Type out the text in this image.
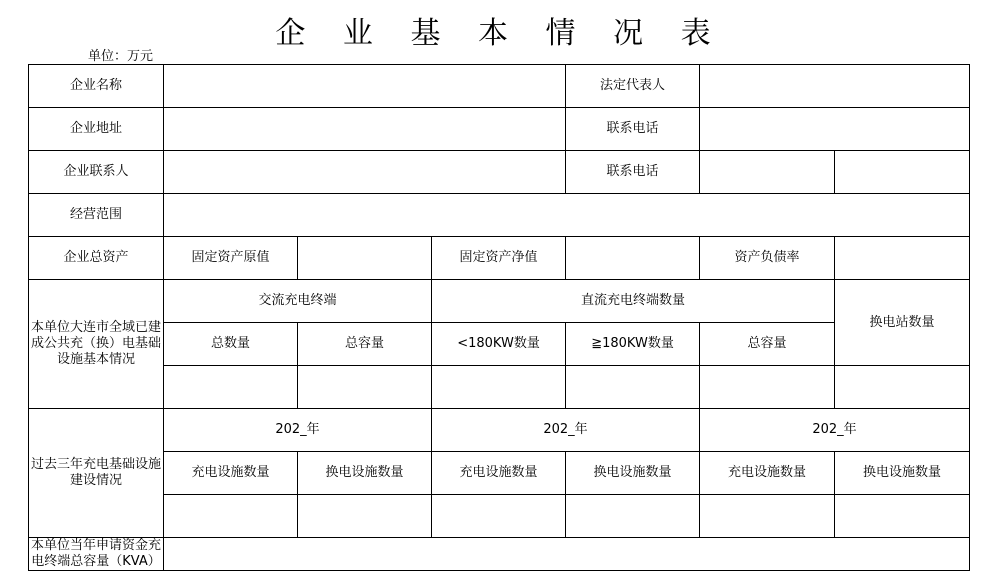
企 业 基 本 情 况 表
单位：万元
企业名称				法定代表人		
企业地址				联系电话		
企业联系人				联系电话		
经营范围						
企业总资产	固定资产原值		固定资产净值		资产负债率	
本单位大连市全域已建成公共充（换）电基础设施基本情况	交流充电终端		直流充电终端数量			换电站数量
	总数量	总容量	<180KW数量	≧180KW数量	总容量	

过去三年充电基础设施建设情况	202_年		202_年		202_年	
	充电设施数量	换电设施数量	充电设施数量	换电设施数量	充电设施数量	换电设施数量

本单位当年申请资金充电终端总容量（KVA）						
